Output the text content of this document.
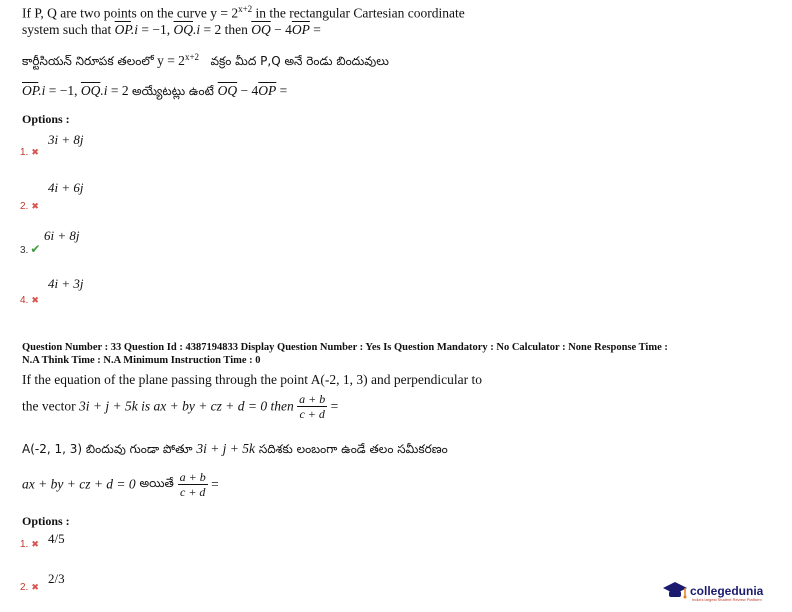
If P, Q are two points on the curve $y = 2^{x+2}$ in the rectangular Cartesian coordinate
system such that $\overline{OP}.i = -1$, $\overline{OQ}.i = 2$ then $\overline{OQ} - 4\overline{OP}$ =
కార్టీసియన్ నిరూపక తలంలో $y = 2^{x+2}$ వక్రం మీద P,Q అనే రెండు బిందువులు
$\overline{OP}.i = -1$, $\overline{OQ}.i = 2$ అయ్యేటట్లు ఉంటే $\overline{OQ} - 4\overline{OP}$ =
Options :
1. ✖
3i + 8j
2. ✖
4i + 6j
3. ✔
6i + 8j
4. ✖
4i + 3j
Question Number : 33 Question Id : 4387194833 Display Question Number : Yes Is Question Mandatory : No Calculator : None Response Time :
N.A Think Time : N.A Minimum Instruction Time : 0
If the equation of the plane passing through the point A(-2, 1, 3) and perpendicular to
the vector 3i + j + 5k is ax + by + cz + d = 0 then $\frac{a + b}{c + d}$ =
A(-2, 1, 3) బిందువు గుండా పోతూ 3i + j + 5k సదిశకు లంబంగా ఉండే తలం సమీకరణం
ax + by + cz + d = 0 అయితే $\frac{a + b}{c + d}$ =
Options :
1. ✖ 4/5
2. ✖
2/3
collegedunia
India's largest Student Review Platform
